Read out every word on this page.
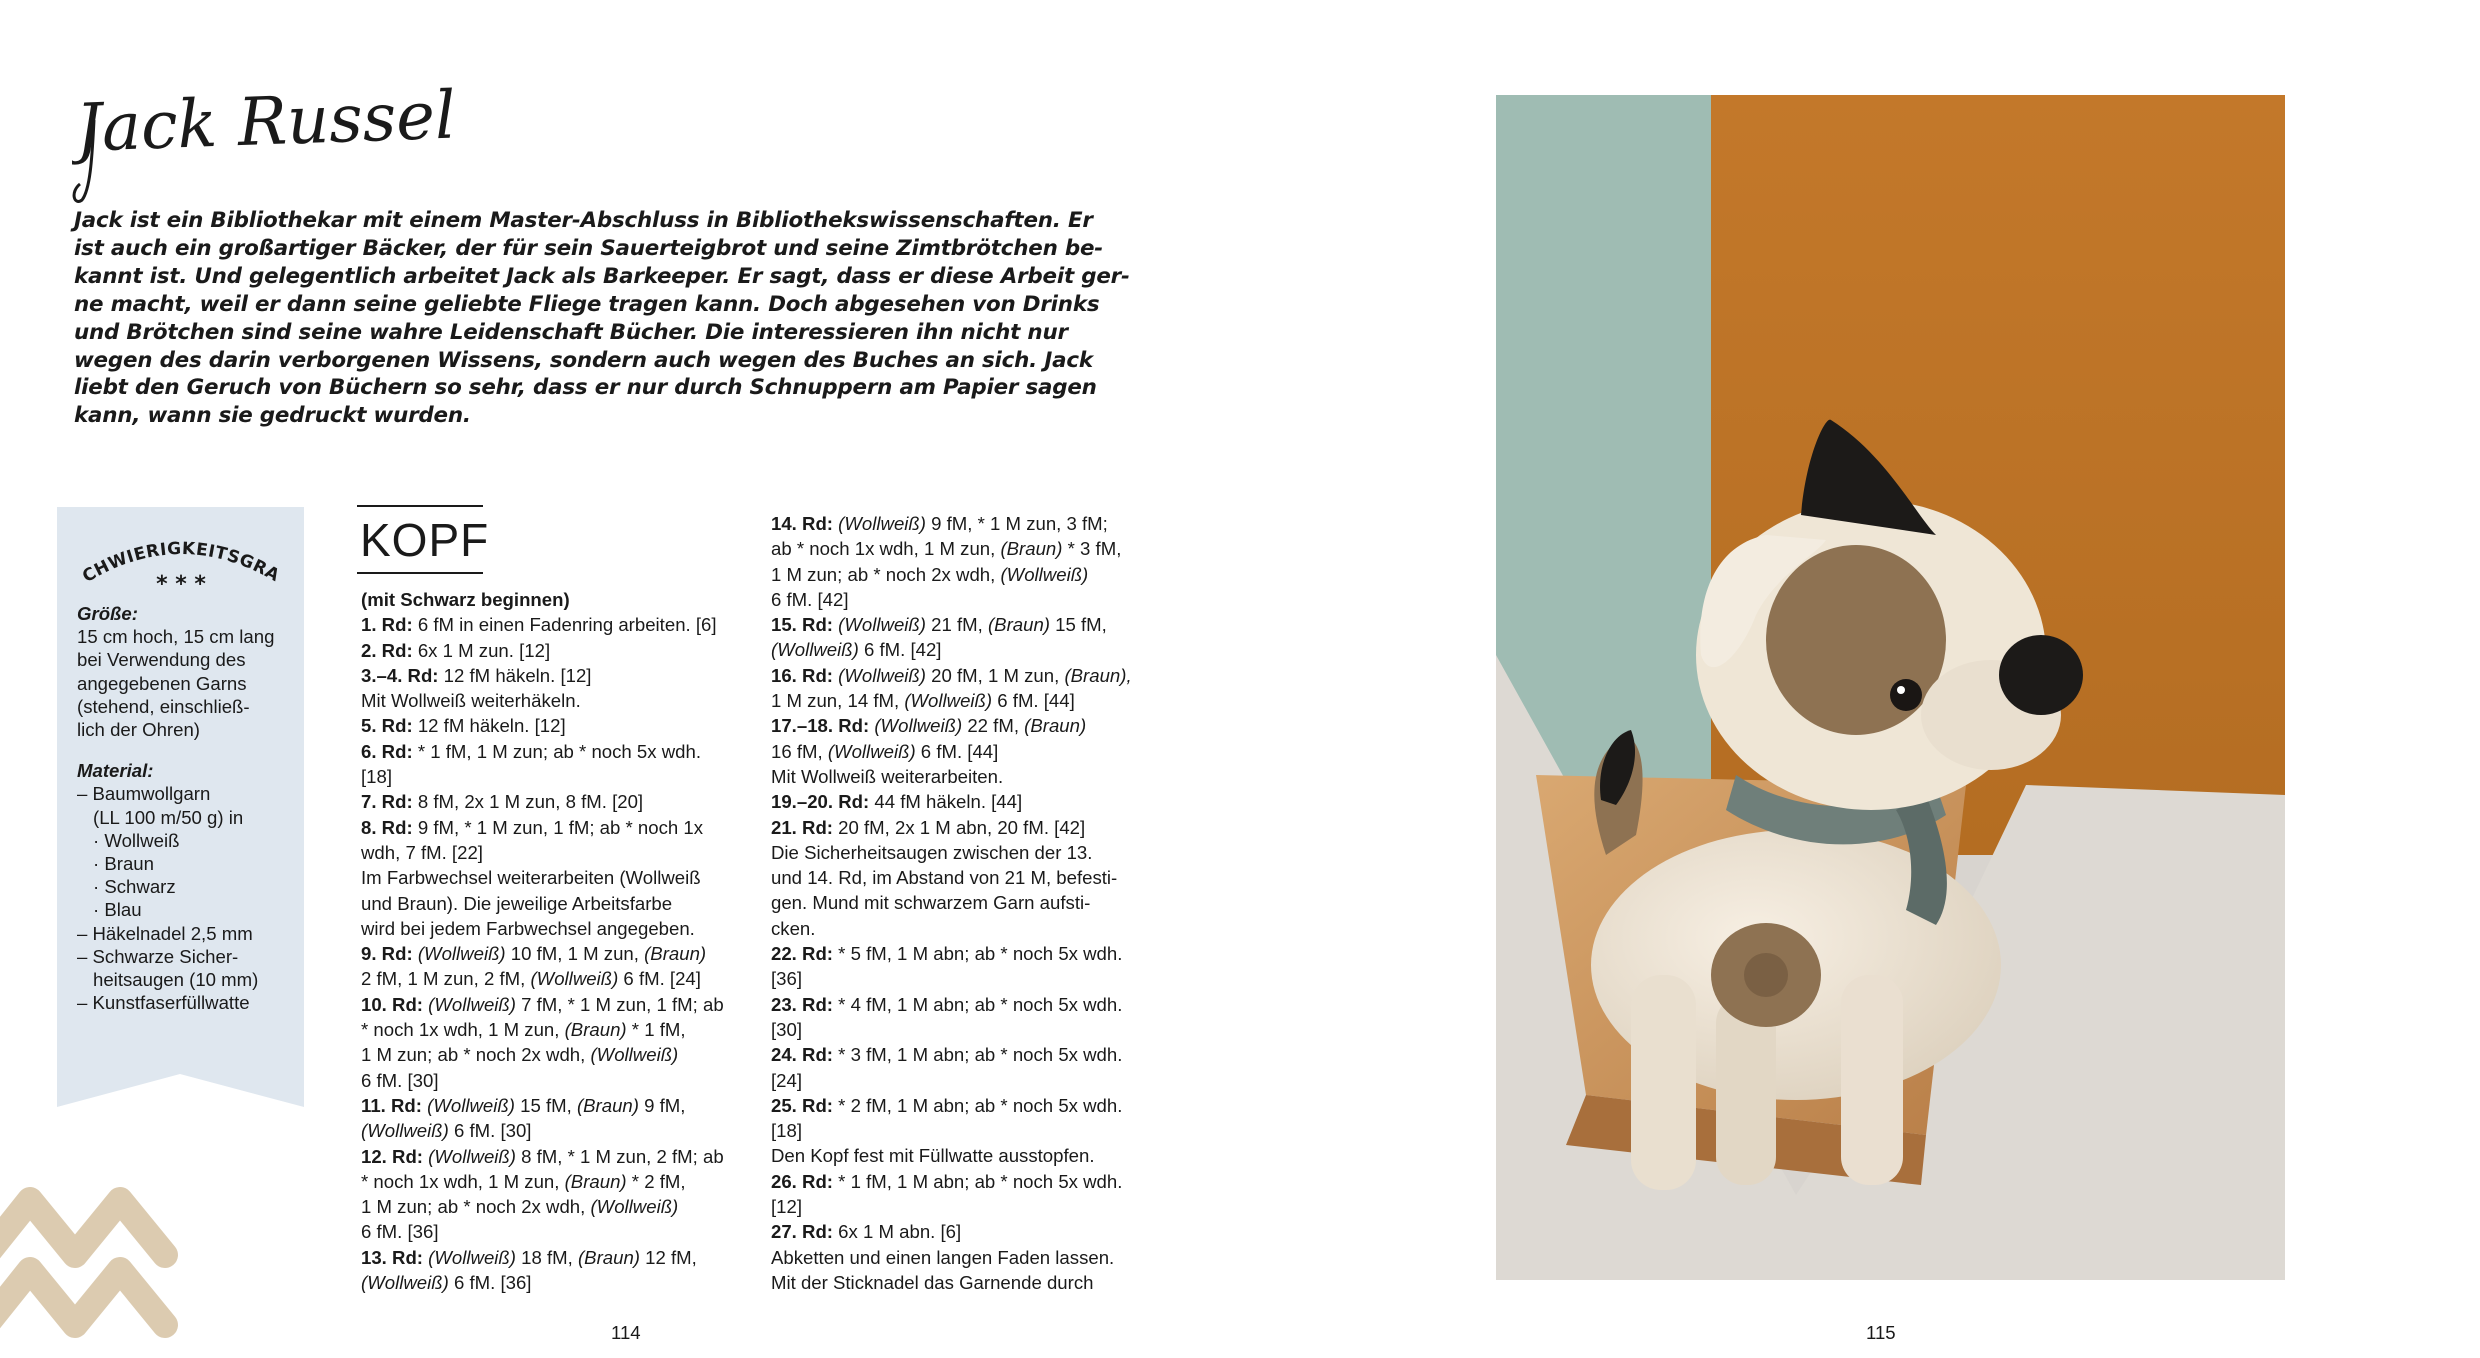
Jack Russel
Jack ist ein Bibliothekar mit einem Master-Abschluss in Bibliothekswissenschaften. Er
ist auch ein großartiger Bäcker, der für sein Sauerteigbrot und seine Zimtbrötchen be-
kannt ist. Und gelegentlich arbeitet Jack als Barkeeper. Er sagt, dass er diese Arbeit ger-
ne macht, weil er dann seine geliebte Fliege tragen kann. Doch abgesehen von Drinks
und Brötchen sind seine wahre Leidenschaft Bücher. Die interessieren ihn nicht nur
wegen des darin verborgenen Wissens, sondern auch wegen des Buches an sich. Jack
liebt den Geruch von Büchern so sehr, dass er nur durch Schnuppern am Papier sagen
kann, wann sie gedruckt wurden.
CHWIERIGKEITSGRA
* * *
Größe:
15 cm hoch, 15 cm lang
bei Verwendung des
angegebenen Garns
(stehend, einschließ-
lich der Ohren)
Material:
– Baumwollgarn
(LL 100 m/50 g) in
· Wollweiß
· Braun
· Schwarz
· Blau
– Häkelnadel 2,5 mm
– Schwarze Sicher-
heitsaugen (10 mm)
– Kunstfaserfüllwatte
KOPF
(mit Schwarz beginnen)
1. Rd: 6 fM in einen Fadenring arbeiten. [6]
2. Rd: 6x 1 M zun. [12]
3.–4. Rd: 12 fM häkeln. [12]
Mit Wollweiß weiterhäkeln.
5. Rd: 12 fM häkeln. [12]
6. Rd: * 1 fM, 1 M zun; ab * noch 5x wdh.
[18]
7. Rd: 8 fM, 2x 1 M zun, 8 fM. [20]
8. Rd: 9 fM, * 1 M zun, 1 fM; ab * noch 1x
wdh, 7 fM. [22]
Im Farbwechsel weiterarbeiten (Wollweiß
und Braun). Die jeweilige Arbeitsfarbe
wird bei jedem Farbwechsel angegeben.
9. Rd: (Wollweiß) 10 fM, 1 M zun, (Braun)
2 fM, 1 M zun, 2 fM, (Wollweiß) 6 fM. [24]
10. Rd: (Wollweiß) 7 fM, * 1 M zun, 1 fM; ab
* noch 1x wdh, 1 M zun, (Braun) * 1 fM,
1 M zun; ab * noch 2x wdh, (Wollweiß)
6 fM. [30]
11. Rd: (Wollweiß) 15 fM, (Braun) 9 fM,
(Wollweiß) 6 fM. [30]
12. Rd: (Wollweiß) 8 fM, * 1 M zun, 2 fM; ab
* noch 1x wdh, 1 M zun, (Braun) * 2 fM,
1 M zun; ab * noch 2x wdh, (Wollweiß)
6 fM. [36]
13. Rd: (Wollweiß) 18 fM, (Braun) 12 fM,
(Wollweiß) 6 fM. [36]
14. Rd: (Wollweiß) 9 fM, * 1 M zun, 3 fM;
ab * noch 1x wdh, 1 M zun, (Braun) * 3 fM,
1 M zun; ab * noch 2x wdh, (Wollweiß)
6 fM. [42]
15. Rd: (Wollweiß) 21 fM, (Braun) 15 fM,
(Wollweiß) 6 fM. [42]
16. Rd: (Wollweiß) 20 fM, 1 M zun, (Braun),
1 M zun, 14 fM, (Wollweiß) 6 fM. [44]
17.–18. Rd: (Wollweiß) 22 fM, (Braun)
16 fM, (Wollweiß) 6 fM. [44]
Mit Wollweiß weiterarbeiten.
19.–20. Rd: 44 fM häkeln. [44]
21. Rd: 20 fM, 2x 1 M abn, 20 fM. [42]
Die Sicherheitsaugen zwischen der 13.
und 14. Rd, im Abstand von 21 M, befesti-
gen. Mund mit schwarzem Garn aufsti-
cken.
22. Rd: * 5 fM, 1 M abn; ab * noch 5x wdh.
[36]
23. Rd: * 4 fM, 1 M abn; ab * noch 5x wdh.
[30]
24. Rd: * 3 fM, 1 M abn; ab * noch 5x wdh.
[24]
25. Rd: * 2 fM, 1 M abn; ab * noch 5x wdh.
[18]
Den Kopf fest mit Füllwatte ausstopfen.
26. Rd: * 1 fM, 1 M abn; ab * noch 5x wdh.
[12]
27. Rd: 6x 1 M abn. [6]
Abketten und einen langen Faden lassen.
Mit der Sticknadel das Garnende durch
114	115
